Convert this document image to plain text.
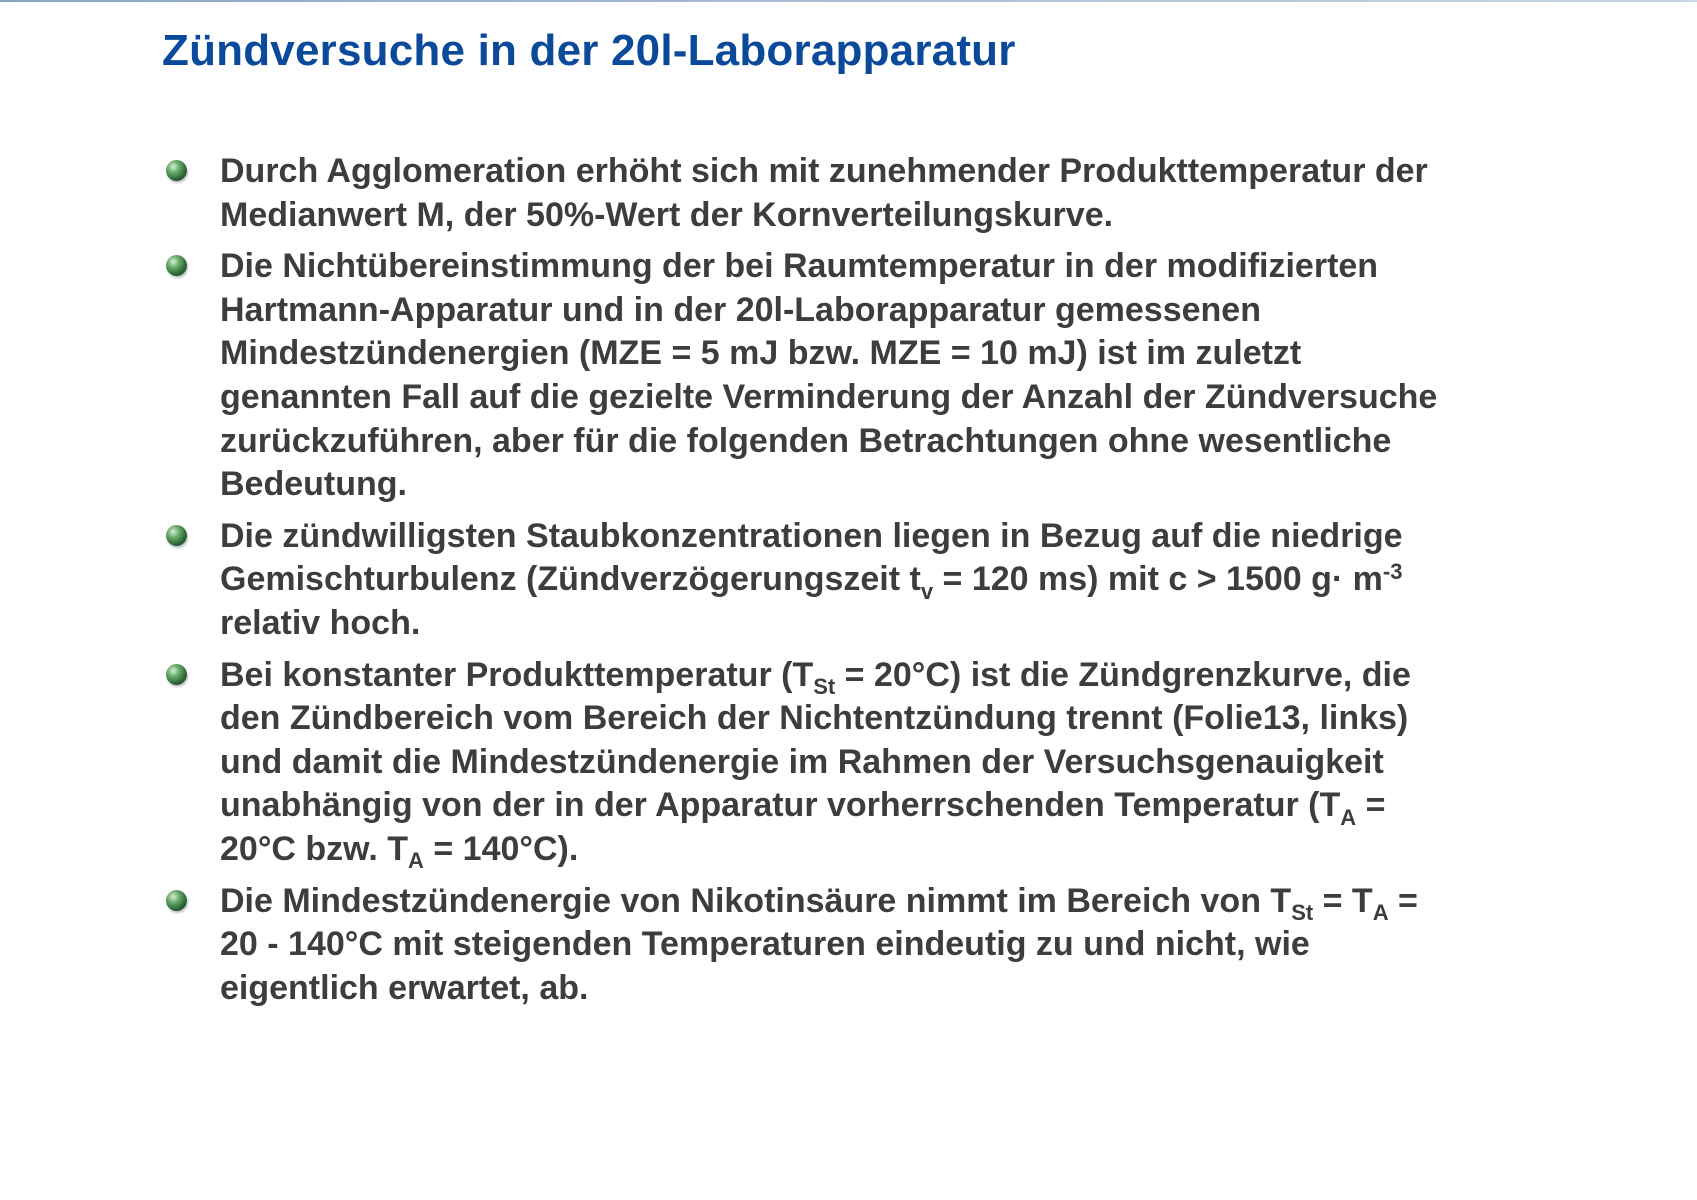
Zündversuche in der 20l-Laborapparatur
Durch Agglomeration erhöht sich mit zunehmender Produkttemperatur der
Medianwert M, der 50%-Wert der Kornverteilungskurve.
Die Nichtübereinstimmung der bei Raumtemperatur in der modifizierten
Hartmann-Apparatur und in der 20l-Laborapparatur gemessenen
Mindestzündenergien (MZE = 5 mJ bzw. MZE = 10 mJ) ist im zuletzt
genannten Fall auf die gezielte Verminderung der Anzahl der Zündversuche
zurückzuführen, aber für die folgenden Betrachtungen ohne wesentliche
Bedeutung.
Die zündwilligsten Staubkonzentrationen liegen in Bezug auf die niedrige
Gemischturbulenz (Zündverzögerungszeit $t_v = 120$ ms) mit c > 1500 $g\cdot m^{-3}$
relativ hoch.
Bei konstanter Produkttemperatur $(T_{St} = 20^\circ C)$ ist die Zündgrenzkurve, die
den Zündbereich vom Bereich der Nichtentzündung trennt (Folie13, links)
und damit die Mindestzündenergie im Rahmen der Versuchsgenauigkeit
unabhängig von der in der Apparatur vorherrschenden Temperatur ($T_A$ =
20°C bzw. $T_A = 140^\circ C$).
Die Mindestzündenergie von Nikotinsäure nimmt im Bereich von $T_{St} = T_A$ =
20 - 140°C mit steigenden Temperaturen eindeutig zu und nicht, wie
eigentlich erwartet, ab.
